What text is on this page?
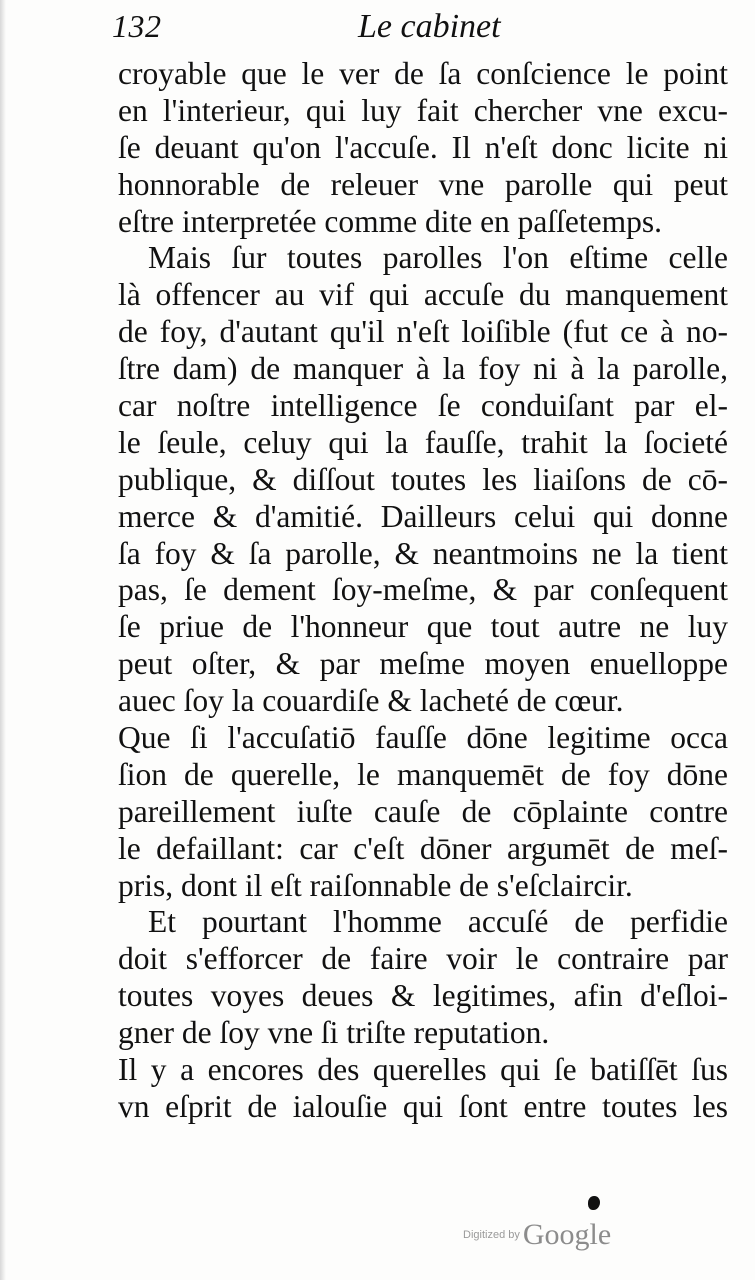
132	Le cabinet
croyable que le ver de ſa conſcience le point
en l'interieur, qui luy fait chercher vne excu-
ſe deuant qu'on l'accuſe. Il n'eſt donc licite ni
honnorable de releuer vne parolle qui peut
eſtre interpretée comme dite en paſſetemps.
Mais ſur toutes parolles l'on eſtime celle
là offencer au vif qui accuſe du manquement
de foy, d'autant qu'il n'eſt loiſible (fut ce à no-
ſtre dam) de manquer à la foy ni à la parolle,
car noſtre intelligence ſe conduiſant par el-
le ſeule, celuy qui la fauſſe, trahit la ſocieté
publique, & diſſout toutes les liaiſons de cō-
merce & d'amitié. Dailleurs celui qui donne
ſa foy & ſa parolle, & neantmoins ne la tient
pas, ſe dement ſoy-meſme, & par conſequent
ſe priue de l'honneur que tout autre ne luy
peut oſter, & par meſme moyen enuelloppe
auec ſoy la couardiſe & lacheté de cœur.
Que ſi l'accuſatiō fauſſe dōne legitime occa
ſion de querelle, le manquemēt de foy dōne
pareillement iuſte cauſe de cōplainte contre
le defaillant: car c'eſt dōner argumēt de meſ-
pris, dont il eſt raiſonnable de s'eſclaircir.
Et pourtant l'homme accuſé de perfidie
doit s'efforcer de faire voir le contraire par
toutes voyes deues & legitimes, afin d'eſloi-
gner de ſoy vne ſi triſte reputation.
Il y a encores des querelles qui ſe batiſſēt ſus
vn eſprit de ialouſie qui ſont entre toutes les
Digitized by Google
